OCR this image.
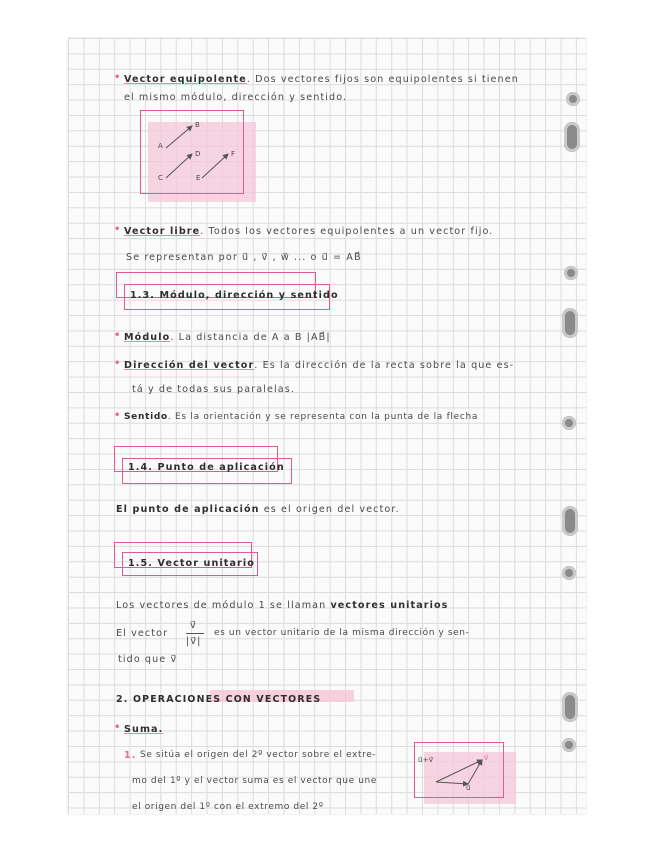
• Vector equipolente. Dos vectores fijos son equipolentes si tienen
el mismo módulo, dirección y sentido.
A
B
C
D
E
F
• Vector libre. Todos los vectores equipolentes a un vector fijo.
Se representan por u⃗ , v⃗ , w⃗ ... o u⃗ = AB⃗
1.3. Módulo, dirección y sentido
• Módulo. La distancia de A a B |AB⃗|
• Dirección del vector. Es la dirección de la recta sobre la que es-
tá y de todas sus paralelas.
• Sentido. Es la orientación y se representa con la punta de la flecha
1.4. Punto de aplicación
El punto de aplicación es el origen del vector.
1.5. Vector unitario
Los vectores de módulo 1 se llaman vectores unitarios
El vector
v⃗
|v⃗|
es un vector unitario de la misma dirección y sen-
tido que v⃗
2. OPERACIONES CON VECTORES
• Suma.
1. Se sitúa el origen del 2º vector sobre el extre-
mo del 1º y el vector suma es el vector que une
el origen del 1º con el extremo del 2º
u⃗+v⃗	v⃗
u⃗
